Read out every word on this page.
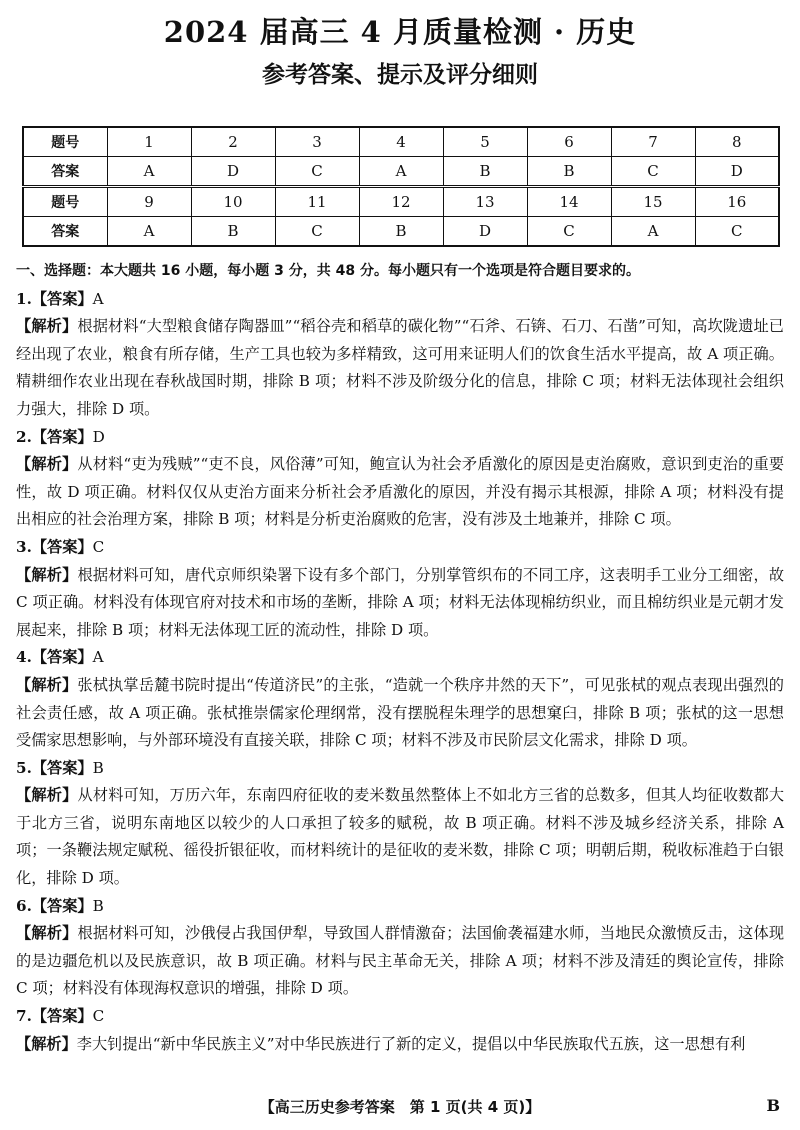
2024 届高三 4 月质量检测 · 历史
参考答案、提示及评分细则
题号	1	2	3	4	5	6	7	8
答案	A	D	C	A	B	B	C	D
题号	9	10	11	12	13	14	15	16
答案	A	B	C	B	D	C	A	C

一、选择题：本大题共 16 小题，每小题 3 分，共 48 分。每小题只有一个选项是符合题目要求的。

1.【答案】A

【解析】根据材料“大型粮食储存陶器皿”“稻谷壳和稻草的碳化物”“石斧、石锛、石刀、石凿”可知，高坎陇遗址已经出现了农业，粮食有所存储，生产工具也较为多样精致，这可用来证明人们的饮食生活水平提高，故 A 项正确。精耕细作农业出现在春秋战国时期，排除 B 项；材料不涉及阶级分化的信息，排除 C 项；材料无法体现社会组织力强大，排除 D 项。

2.【答案】D

【解析】从材料“吏为残贼”“吏不良，风俗薄”可知，鲍宣认为社会矛盾激化的原因是吏治腐败，意识到吏治的重要性，故 D 项正确。材料仅仅从吏治方面来分析社会矛盾激化的原因，并没有揭示其根源，排除 A 项；材料没有提出相应的社会治理方案，排除 B 项；材料是分析吏治腐败的危害，没有涉及土地兼并，排除 C 项。

3.【答案】C

【解析】根据材料可知，唐代京师织染署下设有多个部门，分别掌管织布的不同工序，这表明手工业分工细密，故 C 项正确。材料没有体现官府对技术和市场的垄断，排除 A 项；材料无法体现棉纺织业，而且棉纺织业是元朝才发展起来，排除 B 项；材料无法体现工匠的流动性，排除 D 项。

4.【答案】A

【解析】张栻执掌岳麓书院时提出“传道济民”的主张，“造就一个秩序井然的天下”，可见张栻的观点表现出强烈的社会责任感，故 A 项正确。张栻推崇儒家伦理纲常，没有摆脱程朱理学的思想窠臼，排除 B 项；张栻的这一思想受儒家思想影响，与外部环境没有直接关联，排除 C 项；材料不涉及市民阶层文化需求，排除 D 项。

5.【答案】B

【解析】从材料可知，万历六年，东南四府征收的麦米数虽然整体上不如北方三省的总数多，但其人均征收数都大于北方三省，说明东南地区以较少的人口承担了较多的赋税，故 B 项正确。材料不涉及城乡经济关系，排除 A 项；一条鞭法规定赋税、徭役折银征收，而材料统计的是征收的麦米数，排除 C 项；明朝后期，税收标准趋于白银化，排除 D 项。

6.【答案】B

【解析】根据材料可知，沙俄侵占我国伊犁，导致国人群情激奋；法国偷袭福建水师，当地民众激愤反击，这体现的是边疆危机以及民族意识，故 B 项正确。材料与民主革命无关，排除 A 项；材料不涉及清廷的舆论宣传，排除 C 项；材料没有体现海权意识的增强，排除 D 项。

7.【答案】C

【解析】李大钊提出“新中华民族主义”对中华民族进行了新的定义，提倡以中华民族取代五族，这一思想有利

【高三历史参考答案　第 1 页(共 4 页)】	B
